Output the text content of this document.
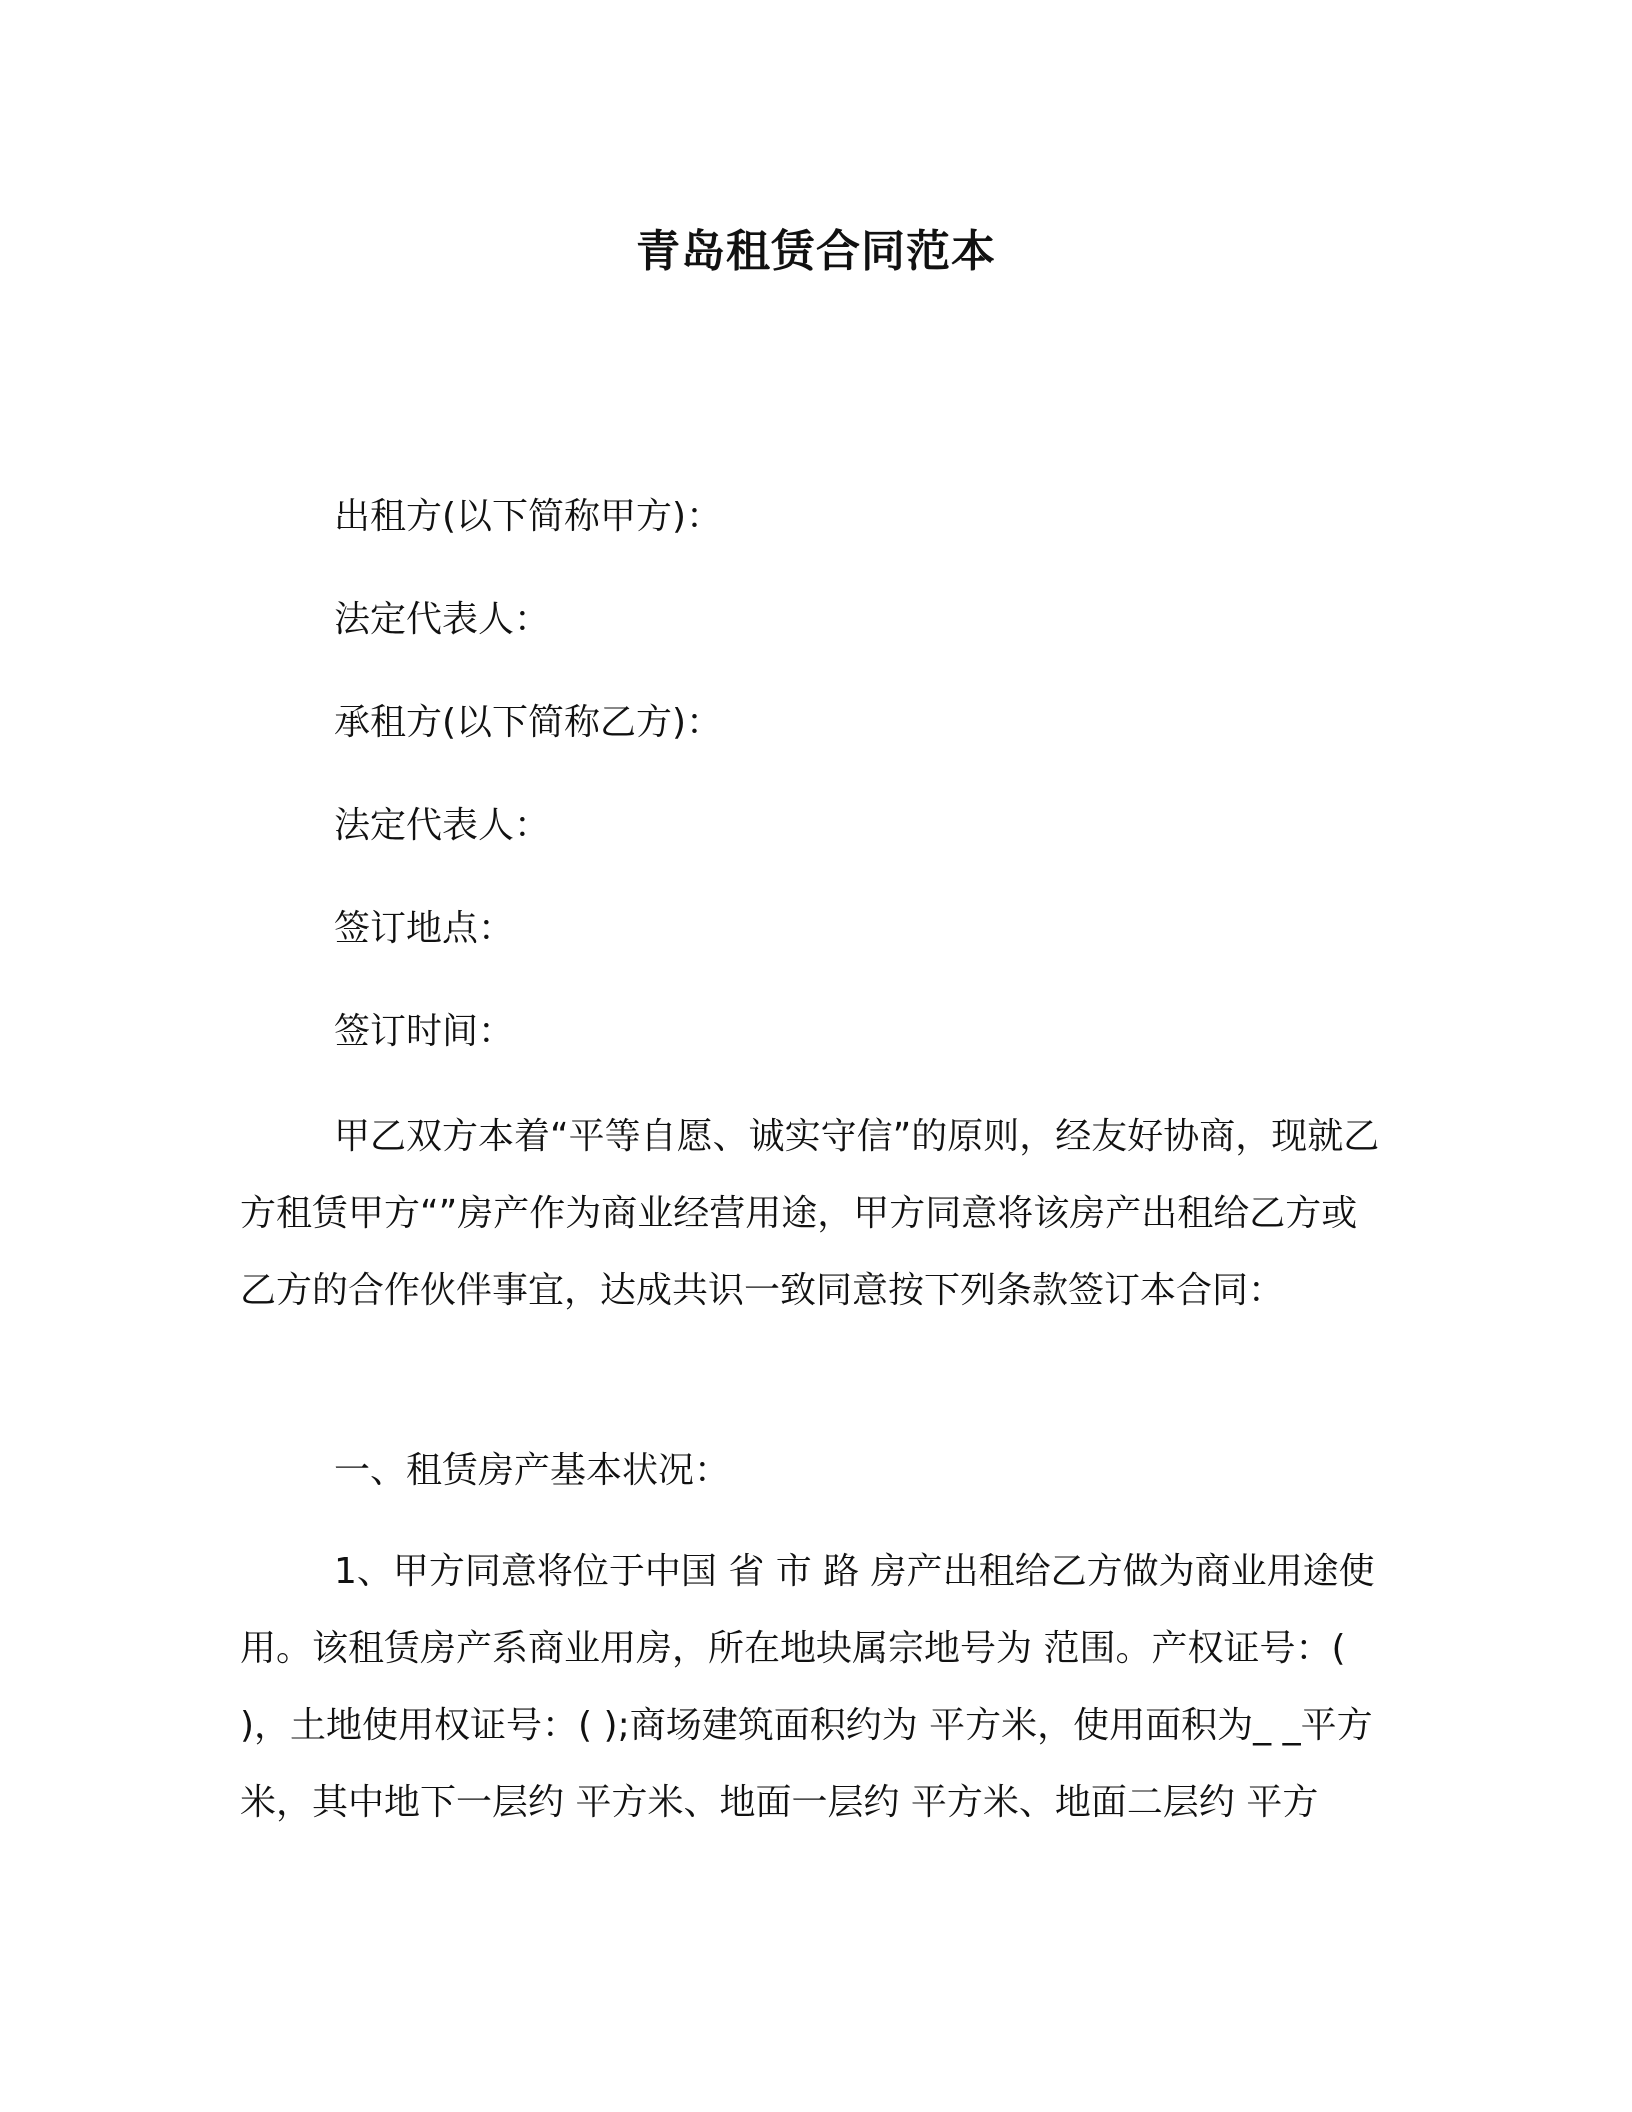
青岛租赁合同范本
出租方(以下简称甲方)：
法定代表人：
承租方(以下简称乙方)：
法定代表人：
签订地点：
签订时间：

甲乙双方本着“平等自愿、诚实守信”的原则，经友好协商，现就乙方租赁甲方“”房产作为商业经营用途，甲方同意将该房产出租给乙方或乙方的合作伙伴事宜，达成共识一致同意按下列条款签订本合同：

一、租赁房产基本状况：

1、甲方同意将位于中国 省 市 路 房产出租给乙方做为商业用途使用。该租赁房产系商业用房，所在地块属宗地号为 范围。产权证号：( )，土地使用权证号：( );商场建筑面积约为 平方米，使用面积为_ _平方米，其中地下一层约 平方米、地面一层约 平方米、地面二层约 平方
